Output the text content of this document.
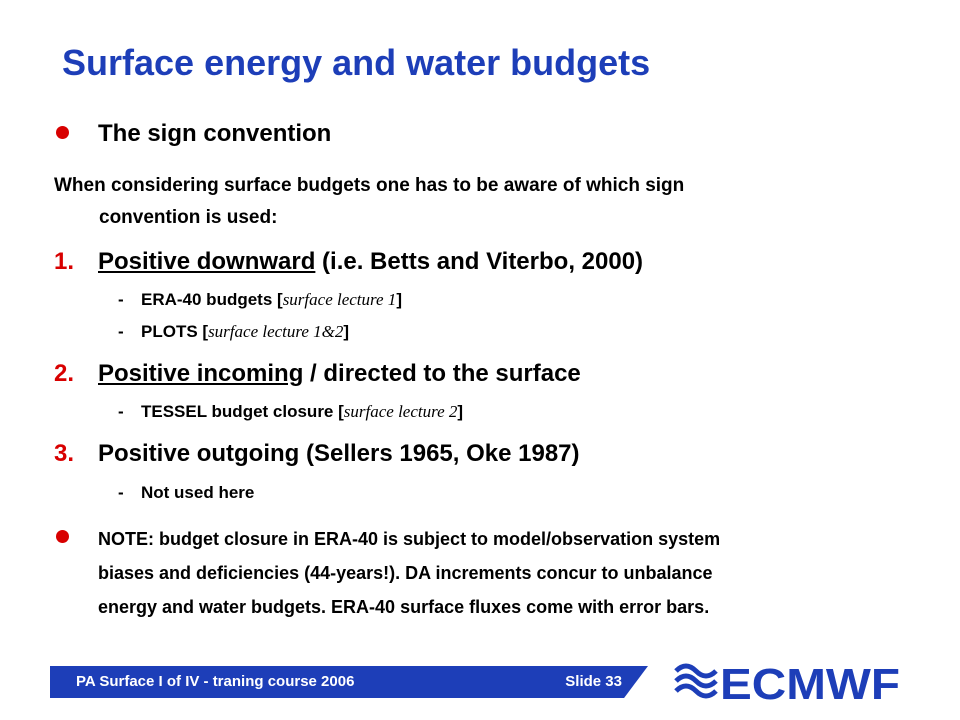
Surface energy and water budgets
The sign convention
When considering surface budgets one has to be aware of which sign
convention is used:
1. Positive downward (i.e. Betts and Viterbo, 2000)
- ERA-40 budgets [surface lecture 1]
- PLOTS [surface lecture 1&2]
2. Positive incoming / directed to the surface
- TESSEL budget closure [surface lecture 2]
3. Positive outgoing (Sellers 1965, Oke 1987)
- Not used here
NOTE: budget closure in ERA-40 is subject to model/observation system
biases and deficiencies (44-years!). DA increments concur to unbalance
energy and water budgets. ERA-40 surface fluxes come with error bars.
PA Surface I of IV - traning course 2006	Slide 33 ECMWF
